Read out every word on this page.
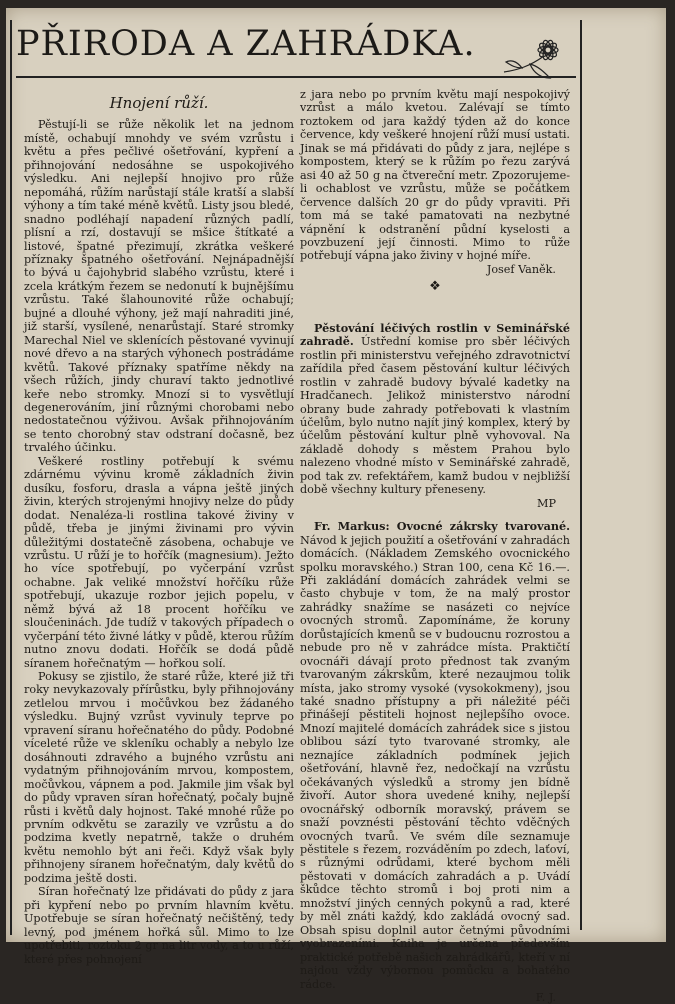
PŘIRODA A ZAHRÁDKA.

Hnojení růží.

Pěstují-li se růže několik let na jednom místě, ochabují mnohdy ve svém vzrůstu i květu a přes pečlivé ošetřování, kypření a přihnojování nedosáhne se uspokojivého výsledku. Ani nejlepší hnojivo pro růže nepomáhá, růžím narůstají stále kratší a slabší výhony a tím také méně květů. Listy jsou bledé, snadno podléhají napadení různých padlí, plísní a rzí, dostavují se mšice štítkaté a listové, špatné přezimují, zkrátka veškeré příznaky špatného ošetřování. Nejnápadnější to bývá u čajohybrid slabého vzrůstu, které i zcela krátkým řezem se nedonutí k bujnějšímu vzrůstu. Také šlahounovité růže ochabují; bujné a dlouhé výhony, jež mají nahraditi jiné, již starší, vysílené, nenarůstají. Staré stromky Marechal Niel ve sklenících pěstované vyvinují nové dřevo a na starých výhonech postrádáme květů. Takové příznaky spatříme někdy na všech růžích, jindy churaví takto jednotlivé keře nebo stromky. Mnozí si to vysvětlují degenerováním, jiní různými chorobami nebo nedostatečnou výživou. Avšak přihnojováním se tento chorobný stav odstraní dočasně, bez trvalého účinku.

Veškeré rostliny potřebují k svému zdárnému vývinu kromě základních živin dusíku, fosforu, drasla a vápna ještě jiných živin, kterých strojenými hnojivy nelze do půdy dodat. Nenaléza-li rostlina takové živiny v půdě, třeba je jinými živinami pro vývin důležitými dostatečně zásobena, ochabuje ve vzrůstu. U růží je to hořčík (magnesium). Ježto ho více spotřebují, po vyčerpání vzrůst ochabne. Jak veliké množství hořčíku růže spotřebují, ukazuje rozbor jejich popelu, v němž bývá až 18 procent hořčíku ve sloučeninách. Jde tudíž v takových případech o vyčerpání této živné látky v půdě, kterou růžím nutno znovu dodati. Hořčík se dodá půdě síranem hořečnatým — hořkou solí.

Pokusy se zjistilo, že staré růže, které již tři roky nevykazovaly přírůstku, byly přihnojovány zetlelou mrvou i močůvkou bez žádaného výsledku. Bujný vzrůst vyvinuly teprve po vpravení síranu hořečnatého do půdy. Podobné víceleté růže ve skleníku ochably a nebylo lze dosáhnouti zdravého a bujného vzrůstu ani vydatným přihnojováním mrvou, kompostem, močůvkou, vápnem a pod. Jakmile jim však byl do půdy vpraven síran hořečnatý, počaly bujně růsti i květů daly hojnost. Také mnohé růže po prvním odkvětu se zarazily ve vzrůstu a do podzima kvetly nepatrně, takže o druhém květu nemohlo být ani řeči. Když však byly přihnojeny síranem hořečnatým, daly květů do podzima ještě dosti.

Síran hořečnatý lze přidávati do půdy z jara při kypření nebo po prvním hlavním květu. Upotřebuje se síran hořečnatý nečištěný, tedy levný, pod jménem hořká sůl. Mimo to lze upotřebiti, roztoku 2 gr na litr vody, a to u růží, které přes pohnojení

z jara nebo po prvním květu mají nespokojivý vzrůst a málo kvetou. Zalévají se tímto roztokem od jara každý týden až do konce července, kdy veškeré hnojení růží musí ustati. Jinak se má přidávati do půdy z jara, nejlépe s kompostem, který se k růžím po řezu zarývá asi 40 až 50 g na čtvereční metr. Zpozorujeme-li ochablost ve vzrůstu, může se počátkem července dalších 20 gr do půdy vpraviti. Při tom má se také pamatovati na nezbytné vápnění k odstranění půdní kyselosti a povzbuzení její činnosti. Mimo to růže potřebují vápna jako živiny v hojné míře.

Josef Vaněk.
❖

Pěstování léčivých rostlin v Seminářské zahradě. Ústřední komise pro sběr léčivých rostlin při ministerstvu veřejného zdravotnictví zařídila před časem pěstování kultur léčivých rostlin v zahradě budovy bývalé kadetky na Hradčanech. Jelikož ministerstvo národní obrany bude zahrady potřebovati k vlastním účelům, bylo nutno najít jiný komplex, který by účelům pěstování kultur plně vyhovoval. Na základě dohody s městem Prahou bylo nalezeno vhodné místo v Seminářské zahradě, pod tak zv. refektářem, kamž budou v nejbližší době všechny kultury přeneseny.

MP

Fr. Markus: Ovocné zákrsky tvarované. Návod k jejich použití a ošetřování v zahradách domácích. (Nákladem Zemského ovocnického spolku moravského.) Stran 100, cena Kč 16.—. Při zakládání domácích zahrádek velmi se často chybuje v tom, že na malý prostor zahrádky snažíme se nasázeti co nejvíce ovocných stromů. Zapomínáme, že koruny dorůstajících kmenů se v budoucnu rozrostou a nebude pro ně v zahrádce místa. Praktičtí ovocnáři dávají proto přednost tak zvaným tvarovaným zákrskům, které nezaujmou tolik místa, jako stromy vysoké (vysokokmeny), jsou také snadno přístupny a při náležité péči přinášejí pěstiteli hojnost nejlepšího ovoce. Mnozí majitelé domácích zahrádek sice s jistou oblibou sází tyto tvarované stromky, ale neznajíce základních podmínek jejich ošetřování, hlavně řez, nedočkají na vzrůstu očekávaných výsledků a stromy jen bídně živoří. Autor shora uvedené knihy, nejlepší ovocnářský odborník moravský, právem se snaží povznésti pěstování těchto vděčných ovocných tvarů. Ve svém díle seznamuje pěstitele s řezem, rozváděním po zdech, laťoví, s různými odrůdami, které bychom měli pěstovati v domácích zahradách a p. Uvádí škůdce těchto stromů i boj proti nim a množství jiných cenných pokynů a rad, které by měl znáti každý, kdo zakládá ovocný sad. Obsah spisu doplnil autor četnými původními vyobrazeními. Kniha je určena především praktické potřebě našich zahrádkářů, kteří v ní najdou vždy výbornou pomůcku a bohatého rádce.

F. J.
